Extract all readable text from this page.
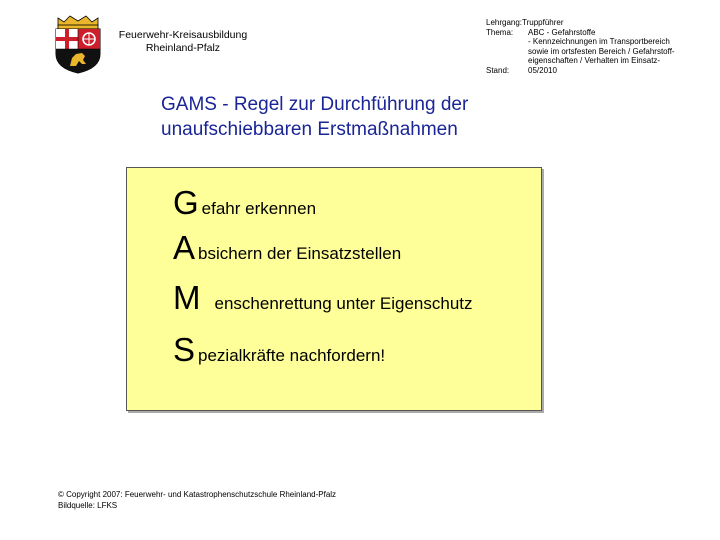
Feuerwehr-Kreisausbildung
Rheinland-Pfalz
Lehrgang:Truppführer
Thema:	ABC - Gefahrstoffe
- Kennzeichnungen im Transportbereich
sowie im ortsfesten Bereich / Gefahrstoff-
eigenschaften / Verhalten im Einsatz-
Stand:	05/2010
GAMS - Regel zur Durchführung der
unaufschiebbaren Erstmaßnahmen
Gefahr erkennen
Absichern der Einsatzstellen
Menschenrettung unter Eigenschutz
Spezialkräfte nachfordern!
© Copyright 2007: Feuerwehr- und Katastrophenschutzschule Rheinland-Pfalz
Bildquelle: LFKS
